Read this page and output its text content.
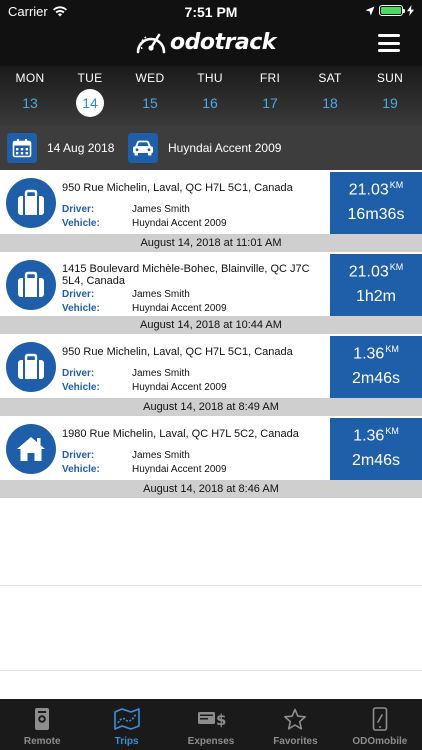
Carrier	7:51 PM
odotrack
MON
13
TUE
14
WED
15
THU
16
FRI
17
SAT
18
SUN
19
14 Aug 2018	Huyndai Accent 2009
950 Rue Michelin, Laval, QC H7L 5C1, Canada
Driver:	James Smith
Vehicle:	Huyndai Accent 2009
$21.03^{KM}$
16m36s
August 14, 2018 at 11:01 AM
1415 Boulevard Michèle-Bohec, Blainville, QC J7C 5L4, Canada
Driver:	James Smith
Vehicle:	Huyndai Accent 2009
$21.03^{KM}$
1h2m
August 14, 2018 at 10:44 AM
950 Rue Michelin, Laval, QC H7L 5C1, Canada
Driver:	James Smith
Vehicle:	Huyndai Accent 2009
$1.36^{KM}$
2m46s
August 14, 2018 at 8:49 AM
1980 Rue Michelin, Laval, QC H7L 5C2, Canada
Driver:	James Smith
Vehicle:	Huyndai Accent 2009
$1.36^{KM}$
2m46s
August 14, 2018 at 8:46 AM
Remote	Trips
$
Expenses	Favorites	ODOmobile
